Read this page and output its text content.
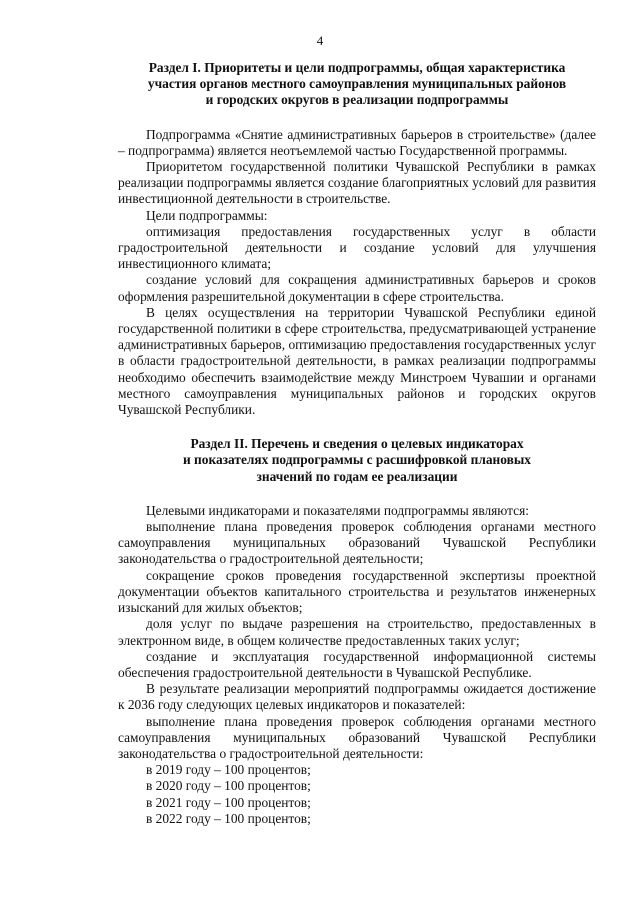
4
Раздел I. Приоритеты и цели подпрограммы, общая характеристика
участия органов местного самоуправления муниципальных районов
и городских округов в реализации подпрограммы

Подпрограмма «Снятие административных барьеров в строительстве» (далее – подпрограмма) является неотъемлемой частью Государственной программы.

Приоритетом государственной политики Чувашской Республики в рамках реализации подпрограммы является создание благоприятных условий для развития инвестиционной деятельности в строительстве.

Цели подпрограммы:

оптимизация предоставления государственных услуг в области градостроительной деятельности и создание условий для улучшения инвестиционного климата;

создание условий для сокращения административных барьеров и сроков оформления разрешительной документации в сфере строительства.

В целях осуществления на территории Чувашской Республики единой государственной политики в сфере строительства, предусматривающей устранение административных барьеров, оптимизацию предоставления государственных услуг в области градостроительной деятельности, в рамках реализации подпрограммы необходимо обеспечить взаимодействие между Минстроем Чувашии и органами местного самоуправления муниципальных районов и городских округов Чувашской Республики.

Раздел II. Перечень и сведения о целевых индикаторах
и показателях подпрограммы с расшифровкой плановых
значений по годам ее реализации

Целевыми индикаторами и показателями подпрограммы являются:

выполнение плана проведения проверок соблюдения органами местного самоуправления муниципальных образований Чувашской Республики законодательства о градостроительной деятельности;

сокращение сроков проведения государственной экспертизы проектной документации объектов капитального строительства и результатов инженерных изысканий для жилых объектов;

доля услуг по выдаче разрешения на строительство, предоставленных в электронном виде, в общем количестве предоставленных таких услуг;

создание и эксплуатация государственной информационной системы обеспечения градостроительной деятельности в Чувашской Республике.

В результате реализации мероприятий подпрограммы ожидается достижение к 2036 году следующих целевых индикаторов и показателей:

выполнение плана проведения проверок соблюдения органами местного самоуправления муниципальных образований Чувашской Республики законодательства о градостроительной деятельности:

в 2019 году – 100 процентов;

в 2020 году – 100 процентов;

в 2021 году – 100 процентов;

в 2022 году – 100 процентов;
